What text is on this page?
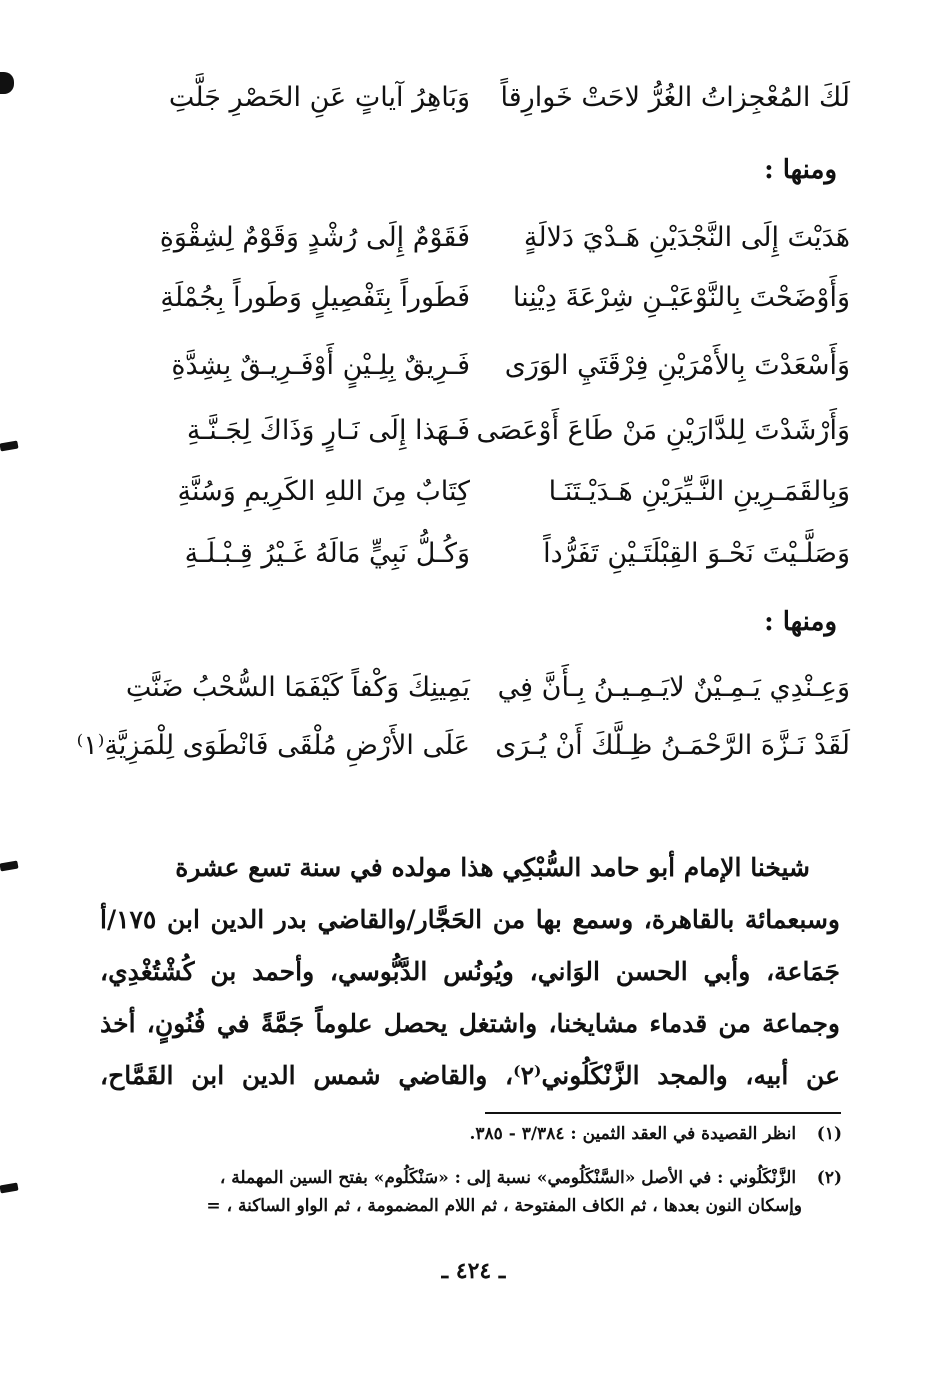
لَكَ المُعْجِزاتُ الغُرُّ لاحَتْ خَوارِقاً
وَبَاهِرُ آياتٍ عَنِ الحَصْرِ جَلَّتِ
ومنها :
هَدَيْتَ إِلَى النَّجْدَيْنِ هَـدْيَ دَلالَةٍ
فَقَوْمٌ إِلَى رُشْدٍ وَقَوْمٌ لِشِقْوَةِ
وَأَوْضَحْتَ بِالنَّوْعَيْـنِ شِرْعَةَ دِيْنِنا
فَطَوراً بِتَفْصِيلٍ وَطَوراً بِجُمْلَةِ
وَأَسْعَدْتَ بِالأَمْرَيْنِ فِرْقَتَيِ الوَرَى
فَـرِيقٌ بِلِـيْنٍ أَوْفَـرِيـقٌ بِشِدَّةِ
وَأَرْشَدْتَ لِلدَّارَيْنِ مَنْ طَاعَ أَوْعَصَى
فَـهَذا إِلَى نَـارٍ وَذَاكَ لِجَـنَّـةِ
وَبِالقَمَـرِينِ النَّـيِّرَيْنِ هَـدَيْـتَنَـا
كِتَابٌ مِنَ اللهِ الكَرِيمِ وَسُنَّةِ
وَصَلَّـيْتَ نَحْـوَ القِبْلَتَـيْنِ تَفَرُّداً
وَكُـلُّ نَبِيٍّ مَالَهُ غَـيْرُ قِـبْـلَـةِ
ومنها :
وَعِـنْدِي يَـمِـيْنٌ لايَـمِـيـنُ بِـأَنَّ فِي
يَمِينِكَ وَكْفاً كَيْفَمَا السُّحْبُ ضَنَّتِ
لَقَدْ نَـزَّهَ الرَّحْمَـنُ ظِـلَّكَ أَنْ يُـرَى
عَلَى الأَرْضِ مُلْقَى فَانْطَوَى لِلْمَزِيَّةِ⁽١⁾
شيخنا الإمام أبو حامد السُّبْكِي هذا مولده في سنة تسع عشرة
وسبعمائة بالقاهرة، وسمع بها من الحَجَّار/والقاضي بدر الدين ابن ١٧٥/أ
جَمَاعة، وأبي الحسن الوَاني، ويُونُس الدَّبُّوسي، وأحمد بن كُشْتُغْدِي،
وجماعة من قدماء مشايخنا، واشتغل يحصل علوماً جَمَّةً في فُنُونٍ، أخذ
عن أبيه، والمجد الزَّنْكَلُوني⁽٢⁾، والقاضي شمس الدين ابن القَمَّاح،
(١) انظر القصيدة في العقد الثمين : ٣/٣٨٤ - ٣٨٥.
(٢) الزَّنْكَلُوني : في الأصل «السَّنْكَلُومي» نسبة إلى : «سَنْكَلُوم» بفتح السين المهملة ،
وإسكان النون بعدها ، ثم الكاف المفتوحة ، ثم اللام المضمومة ، ثم الواو الساكنة ، =
ـ ٤٢٤ ـ
